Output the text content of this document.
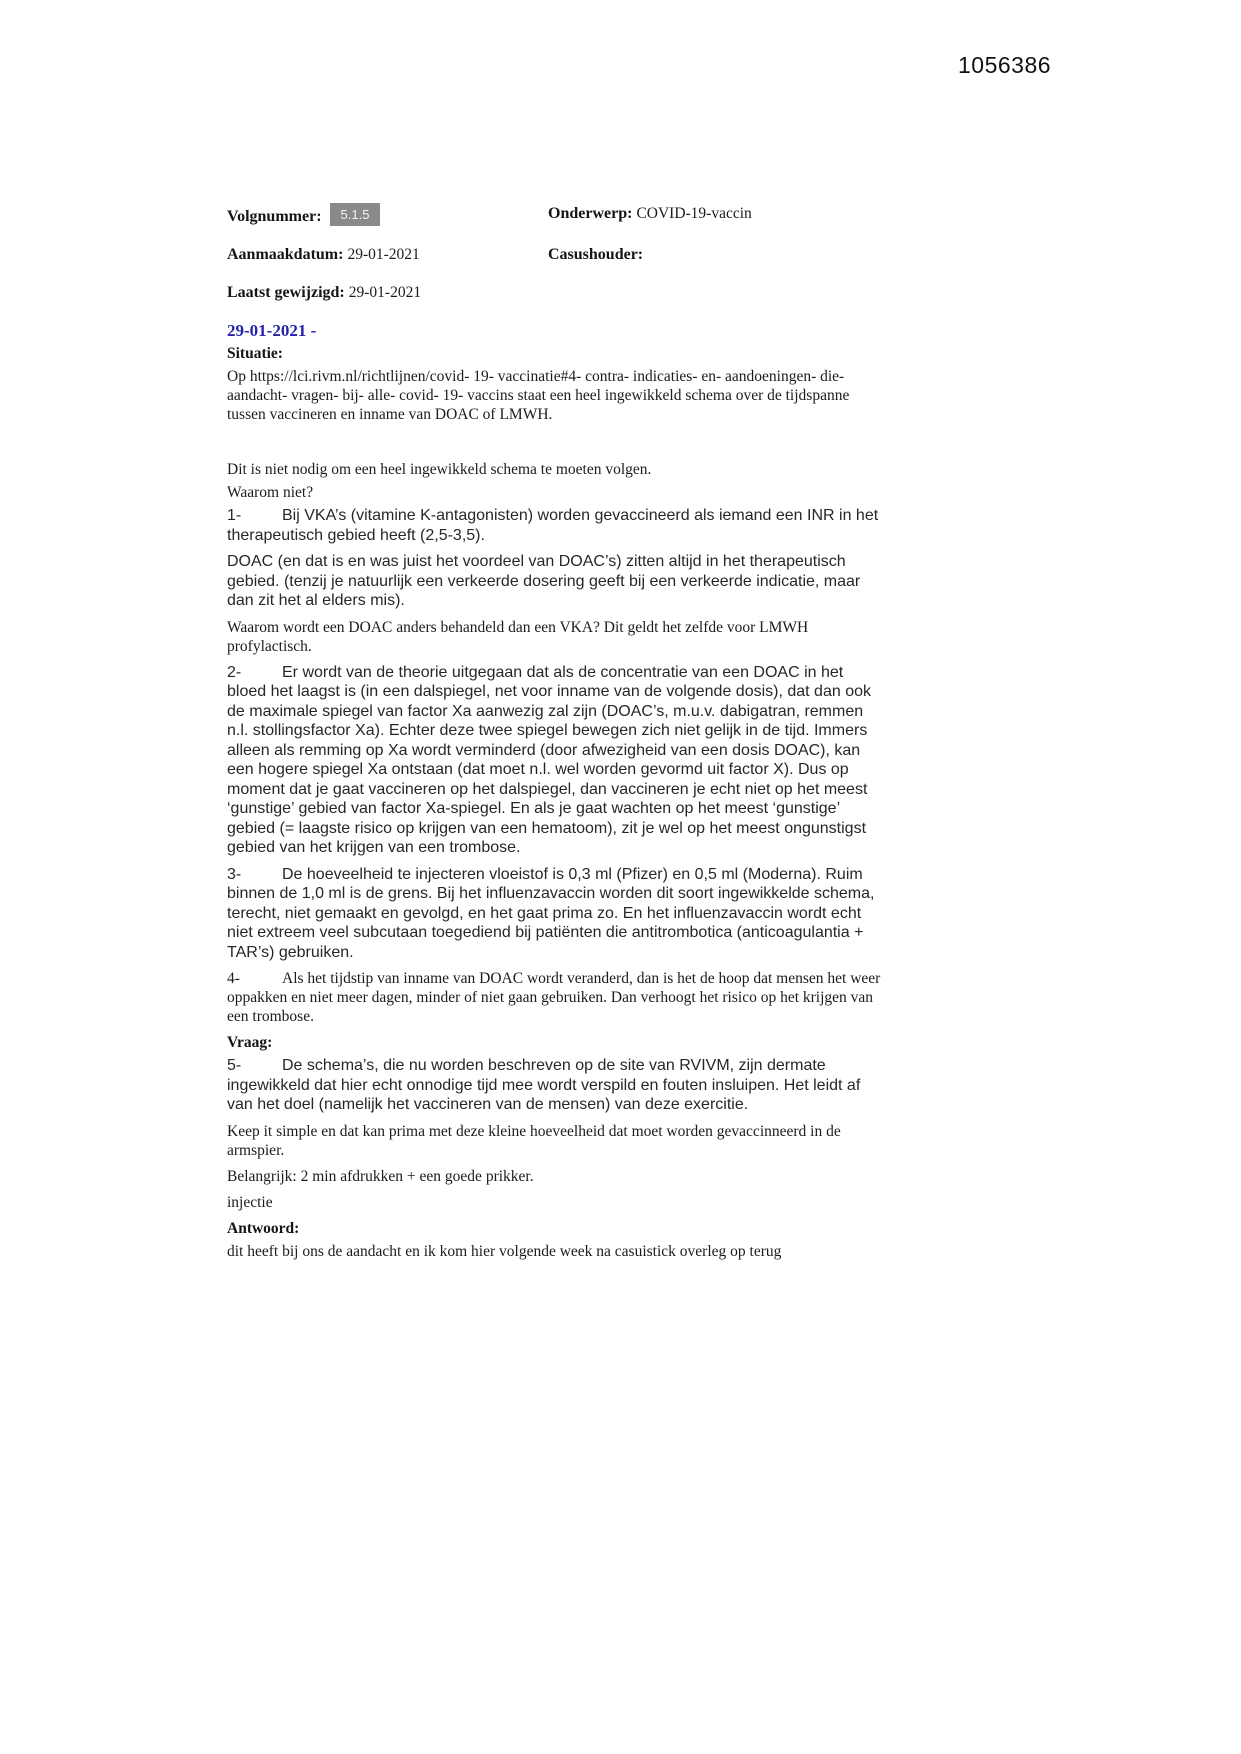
1056386
Volgnummer: 5.1.5	Onderwerp: COVID-19-vaccin
Aanmaakdatum: 29-01-2021	Casushouder:
Laatst gewijzigd: 29-01-2021
29-01-2021 -
Situatie:

Op https://lci.rivm.nl/richtlijnen/covid- 19- vaccinatie#4- contra- indicaties- en- aandoeningen- die-aandacht- vragen- bij- alle- covid- 19- vaccins staat een heel ingewikkeld schema over de tijdspanne tussen vaccineren en inname van DOAC of LMWH.

Dit is niet nodig om een heel ingewikkeld schema te moeten volgen.

Waarom niet?

1-	Bij VKA’s (vitamine K-antagonisten) worden gevaccineerd als iemand een INR in het therapeutisch gebied heeft (2,5-3,5).

DOAC (en dat is en was juist het voordeel van DOAC’s) zitten altijd in het therapeutisch gebied. (tenzij je natuurlijk een verkeerde dosering geeft bij een verkeerde indicatie, maar dan zit het al elders mis).

Waarom wordt een DOAC anders behandeld dan een VKA? Dit geldt het zelfde voor LMWH profylactisch.

2-	Er wordt van de theorie uitgegaan dat als de concentratie van een DOAC in het bloed het laagst is (in een dalspiegel, net voor inname van de volgende dosis), dat dan ook de maximale spiegel van factor Xa aanwezig zal zijn (DOAC’s, m.u.v. dabigatran, remmen n.l. stollingsfactor Xa). Echter deze twee spiegel bewegen zich niet gelijk in de tijd. Immers alleen als remming op Xa wordt verminderd (door afwezigheid van een dosis DOAC), kan een hogere spiegel Xa ontstaan (dat moet n.l. wel worden gevormd uit factor X). Dus op moment dat je gaat vaccineren op het dalspiegel, dan vaccineren je echt niet op het meest ‘gunstige’ gebied van factor Xa-spiegel. En als je gaat wachten op het meest ‘gunstige’ gebied (= laagste risico op krijgen van een hematoom), zit je wel op het meest ongunstigst gebied van het krijgen van een trombose.

3-	De hoeveelheid te injecteren vloeistof is 0,3 ml (Pfizer) en 0,5 ml (Moderna). Ruim binnen de 1,0 ml is de grens. Bij het influenzavaccin worden dit soort ingewikkelde schema, terecht, niet gemaakt en gevolgd, en het gaat prima zo. En het influenzavaccin wordt echt niet extreem veel subcutaan toegediend bij patiënten die antitrombotica (anticoagulantia + TAR’s) gebruiken.

4-	Als het tijdstip van inname van DOAC wordt veranderd, dan is het de hoop dat mensen het weer oppakken en niet meer dagen, minder of niet gaan gebruiken. Dan verhoogt het risico op het krijgen van een trombose.

Vraag:

5-	De schema’s, die nu worden beschreven op de site van RVIVM, zijn dermate ingewikkeld dat hier echt onnodige tijd mee wordt verspild en fouten insluipen. Het leidt af van het doel (namelijk het vaccineren van de mensen) van deze exercitie.

Keep it simple en dat kan prima met deze kleine hoeveelheid dat moet worden gevaccinneerd in de armspier.

Belangrijk: 2 min afdrukken + een goede prikker.

injectie

Antwoord:

dit heeft bij ons de aandacht en ik kom hier volgende week na casuistick overleg op terug
